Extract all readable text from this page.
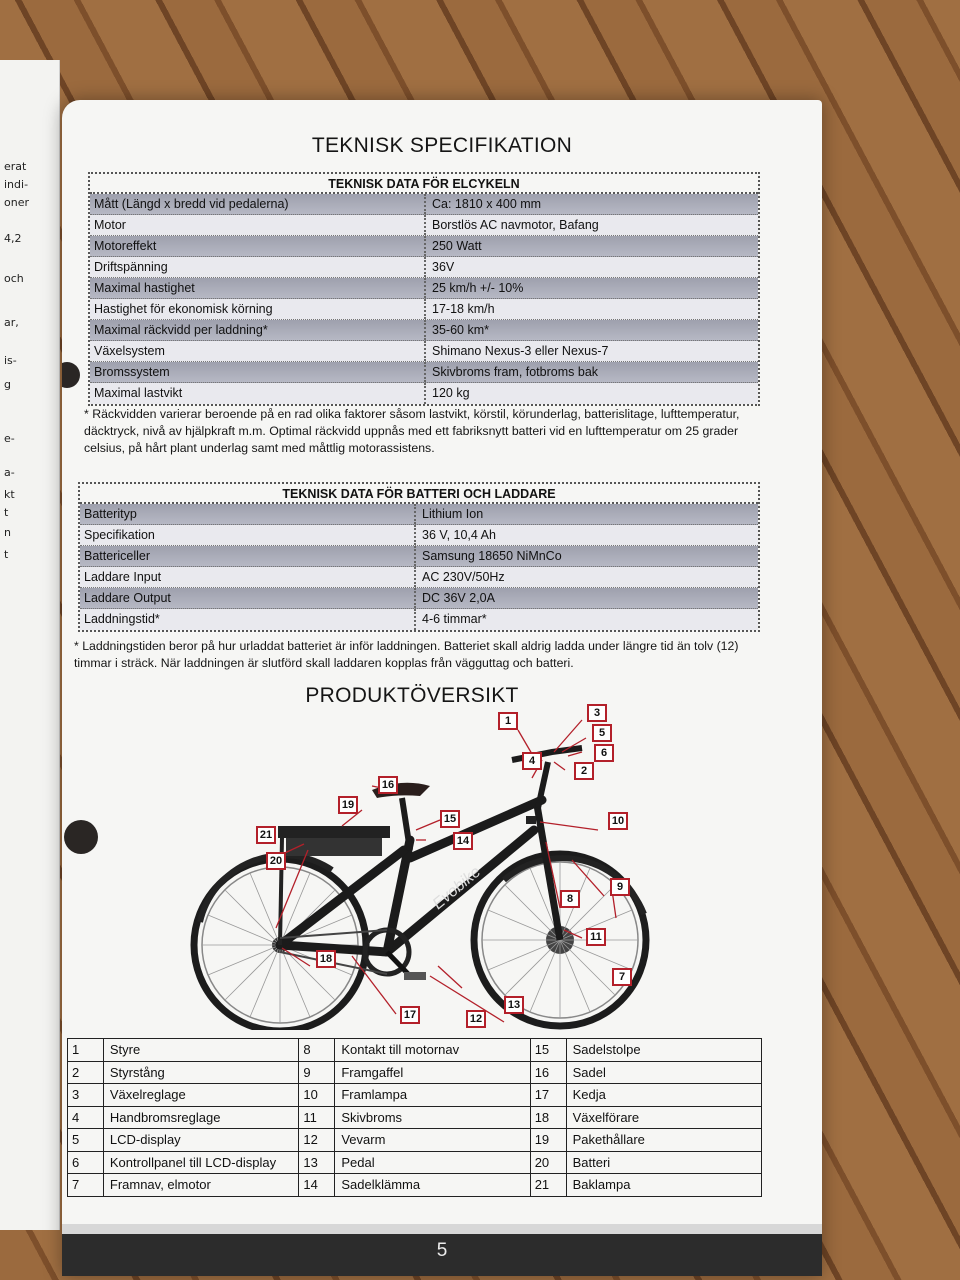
erat
indi-
oner
4,2
och
ar,
is-
g
e-
a-
kt
t
n
t
TEKNISK SPECIFIKATION
TEKNISK DATA FÖR ELCYKELN
Mått (Längd x bredd vid pedalerna)	Ca: 1810 x 400 mm
Motor	Borstlös AC navmotor, Bafang
Motoreffekt	250 Watt
Driftspänning	36V
Maximal hastighet	25 km/h +/- 10%
Hastighet för ekonomisk körning	17-18 km/h
Maximal räckvidd per laddning*	35-60 km*
Växelsystem	Shimano Nexus-3 eller Nexus-7
Bromssystem	Skivbroms fram, fotbroms bak
Maximal lastvikt	120 kg
* Räckvidden varierar beroende på en rad olika faktorer såsom lastvikt, körstil, körunderlag, batterislitage, lufttemperatur, däcktryck, nivå av hjälpkraft m.m. Optimal räckvidd uppnås med ett fabriksnytt batteri vid en lufttemperatur om 25 grader celsius, på hårt plant underlag samt med måttlig motorassistens.
TEKNISK DATA FÖR BATTERI OCH LADDARE
Batterityp	Lithium Ion
Specifikation	36 V, 10,4 Ah
Battericeller	Samsung 18650 NiMnCo
Laddare Input	AC 230V/50Hz
Laddare Output	DC 36V 2,0A
Laddningstid*	4-6 timmar*
* Laddningstiden beror på hur urladdat batteriet är inför laddningen. Batteriet skall aldrig ladda under längre tid än tolv (12) timmar i sträck. När laddningen är slutförd skall laddaren kopplas från vägguttag och batteri.
PRODUKTÖVERSIKT
Evobike
1
2
3
4
5
6
7
8
9
10
11
12
13
14
15
16
17
18
19
20
21
1	Styre	8	Kontakt till motornav	15	Sadelstolpe
2	Styrstång	9	Framgaffel	16	Sadel
3	Växelreglage	10	Framlampa	17	Kedja
4	Handbromsreglage	11	Skivbroms	18	Växelförare
5	LCD-display	12	Vevarm	19	Pakethållare
6	Kontrollpanel till LCD-display	13	Pedal	20	Batteri
7	Framnav, elmotor	14	Sadelklämma	21	Baklampa
5
